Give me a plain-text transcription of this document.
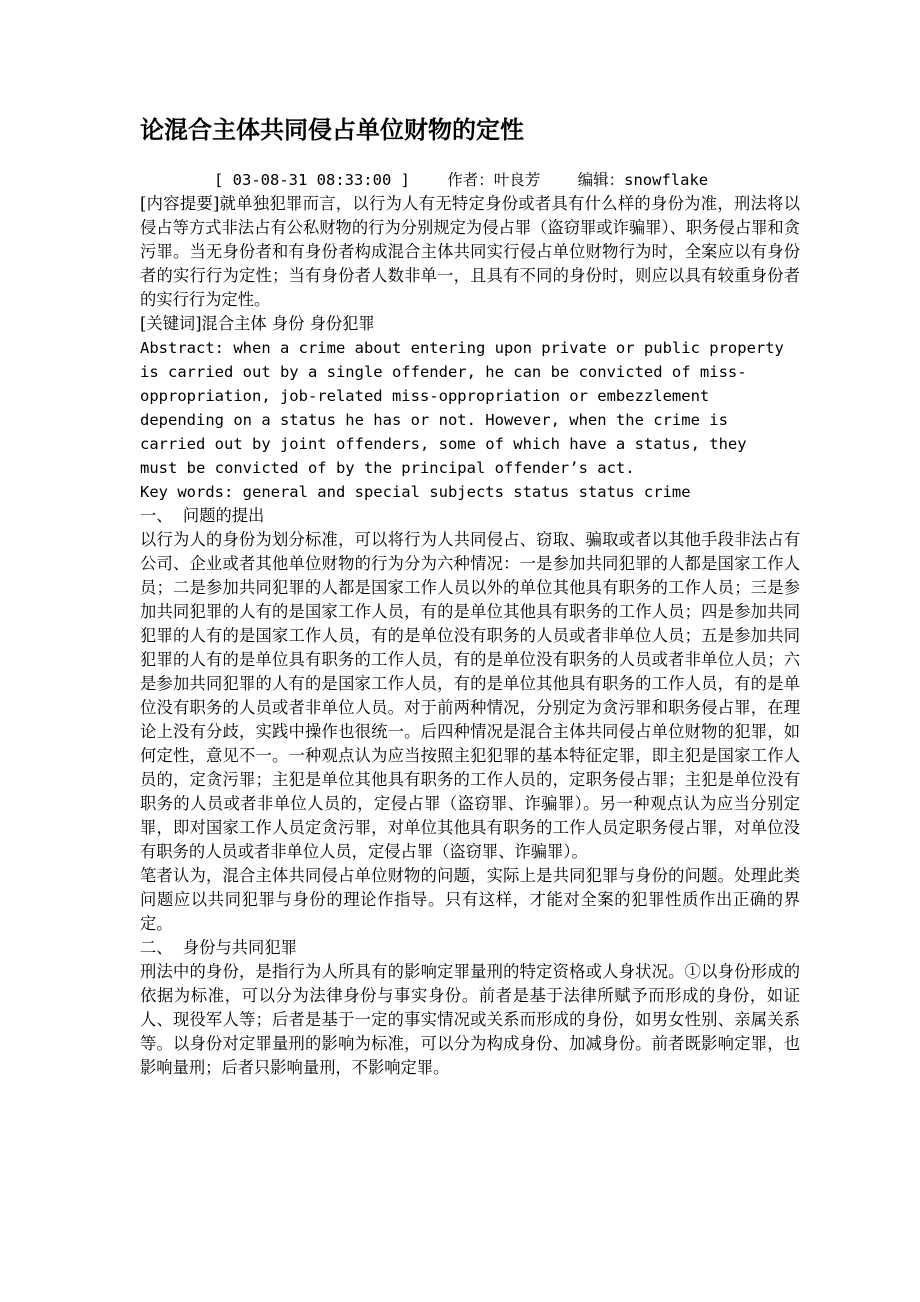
论混合主体共同侵占单位财物的定性
[ 03-08-31 08:33:00 ]    作者：叶良芳    编辑：snowflake

[内容提要]就单独犯罪而言，以行为人有无特定身份或者具有什么样的身份为准，刑法将以侵占等方式非法占有公私财物的行为分别规定为侵占罪（盗窃罪或诈骗罪）、职务侵占罪和贪污罪。当无身份者和有身份者构成混合主体共同实行侵占单位财物行为时，全案应以有身份者的实行行为定性；当有身份者人数非单一，且具有不同的身份时，则应以具有较重身份者的实行行为定性。

[关键词]混合主体 身份 身份犯罪

Abstract: when a crime about entering upon private or public property
is carried out by a single offender, he can be convicted of miss-
oppropriation, job-related miss-oppropriation or embezzlement
depending on a status he has or not. However, when the crime is
carried out by joint offenders, some of which have a status, they
must be convicted of by the principal offender’s act.

Key words: general and special subjects status status crime

一、  问题的提出

以行为人的身份为划分标准，可以将行为人共同侵占、窃取、骗取或者以其他手段非法占有公司、企业或者其他单位财物的行为分为六种情况：一是参加共同犯罪的人都是国家工作人员；二是参加共同犯罪的人都是国家工作人员以外的单位其他具有职务的工作人员；三是参加共同犯罪的人有的是国家工作人员，有的是单位其他具有职务的工作人员；四是参加共同犯罪的人有的是国家工作人员，有的是单位没有职务的人员或者非单位人员；五是参加共同犯罪的人有的是单位具有职务的工作人员，有的是单位没有职务的人员或者非单位人员；六是参加共同犯罪的人有的是国家工作人员，有的是单位其他具有职务的工作人员，有的是单位没有职务的人员或者非单位人员。对于前两种情况，分别定为贪污罪和职务侵占罪，在理论上没有分歧，实践中操作也很统一。后四种情况是混合主体共同侵占单位财物的犯罪，如何定性，意见不一。一种观点认为应当按照主犯犯罪的基本特征定罪，即主犯是国家工作人员的，定贪污罪；主犯是单位其他具有职务的工作人员的，定职务侵占罪；主犯是单位没有职务的人员或者非单位人员的，定侵占罪（盗窃罪、诈骗罪）。另一种观点认为应当分别定罪，即对国家工作人员定贪污罪，对单位其他具有职务的工作人员定职务侵占罪，对单位没有职务的人员或者非单位人员，定侵占罪（盗窃罪、诈骗罪）。

笔者认为，混合主体共同侵占单位财物的问题，实际上是共同犯罪与身份的问题。处理此类问题应以共同犯罪与身份的理论作指导。只有这样，才能对全案的犯罪性质作出正确的界定。

二、  身份与共同犯罪

刑法中的身份，是指行为人所具有的影响定罪量刑的特定资格或人身状况。①以身份形成的依据为标准，可以分为法律身份与事实身份。前者是基于法律所赋予而形成的身份，如证人、现役军人等；后者是基于一定的事实情况或关系而形成的身份，如男女性别、亲属关系等。以身份对定罪量刑的影响为标准，可以分为构成身份、加减身份。前者既影响定罪，也影响量刑；后者只影响量刑，不影响定罪。
